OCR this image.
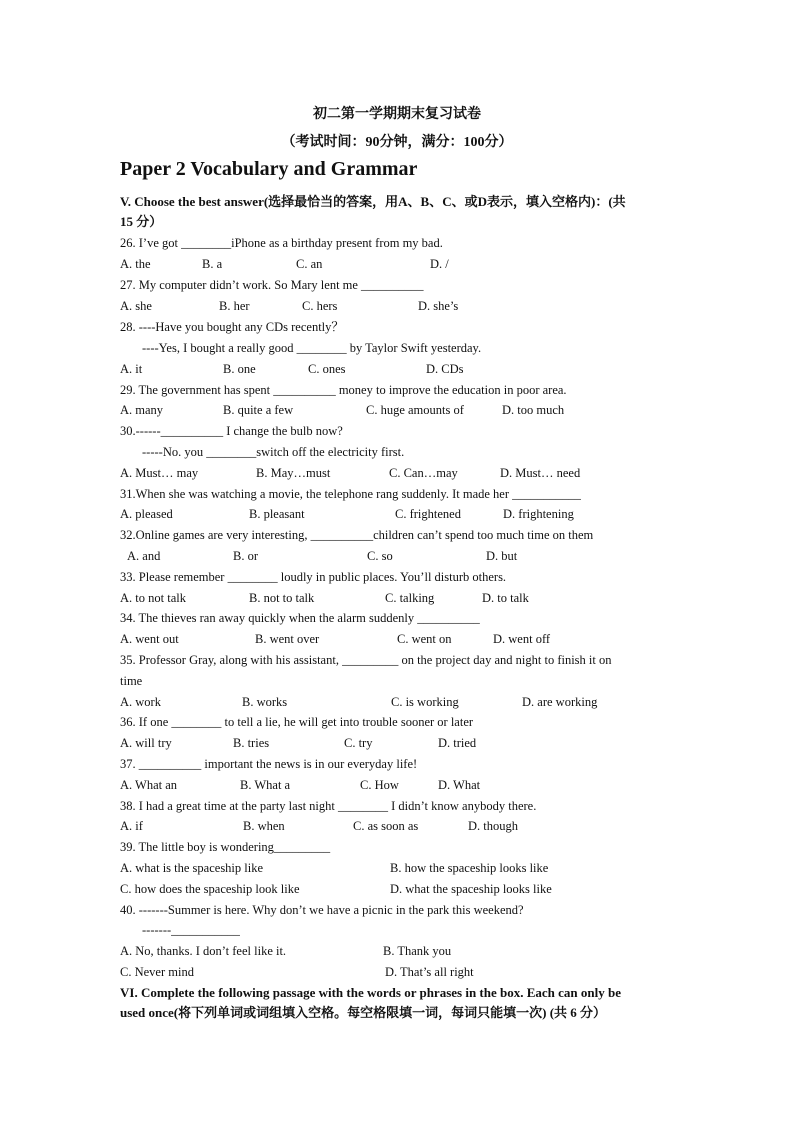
初二第一学期期末复习试卷
（考试时间：90分钟，满分：100分）
Paper 2 Vocabulary and Grammar
V. Choose the best answer(选择最恰当的答案，用A、B、C、或D表示，填入空格内)：(共
15 分）
26. I’ve got ________iPhone as a birthday present from my bad.
A. the	B. a	C. an	D. /
27. My computer didn’t work. So Mary lent me __________
A. she	B. her	C. hers	D. she’s
28. ----Have you bought any CDs recently？
----Yes, I bought a really good ________ by Taylor Swift yesterday.
A. it	B. one	C. ones	D. CDs
29. The government has spent __________ money to improve the education in poor area.
A. many	B. quite a few	C. huge amounts of	D. too much
30.------__________ I change the bulb now?
-----No. you ________switch off the electricity first.
A. Must… may	B. May…must	C. Can…may	D. Must… need
31.When she was watching a movie, the telephone rang suddenly. It made her ___________
A. pleased	B. pleasant	C. frightened	D. frightening
32.Online games are very interesting, __________children can’t spend too much time on them
A. and	B. or	C. so	D. but
33. Please remember ________ loudly in public places. You’ll disturb others.
A. to not talk	B. not to talk	C. talking	D. to talk
34. The thieves ran away quickly when the alarm suddenly __________
A. went out	B. went over	C. went on	D. went off
35. Professor Gray, along with his assistant, _________ on the project day and night to finish it on
time
A. work	B. works	C. is working	D. are working
36. If one ________ to tell a lie, he will get into trouble sooner or later
A. will try	B. tries	C. try	D. tried
37. __________ important the news is in our everyday life!
A. What an	B. What a	C. How	D. What
38. I had a great time at the party last night ________ I didn’t know anybody there.
A. if	B. when	C. as soon as	D. though
39. The little boy is wondering_________
A. what is the spaceship like	B. how the spaceship looks like
C. how does the spaceship look like	D. what the spaceship looks like
40. -------Summer is here. Why don’t we have a picnic in the park this weekend?
-------___________
A. No, thanks. I don’t feel like it.	B. Thank you
C. Never mind	D. That’s all right
VI. Complete the following passage with the words or phrases in the box. Each can only be
used once(将下列单词或词组填入空格。每空格限填一词，每词只能填一次) (共 6 分）
